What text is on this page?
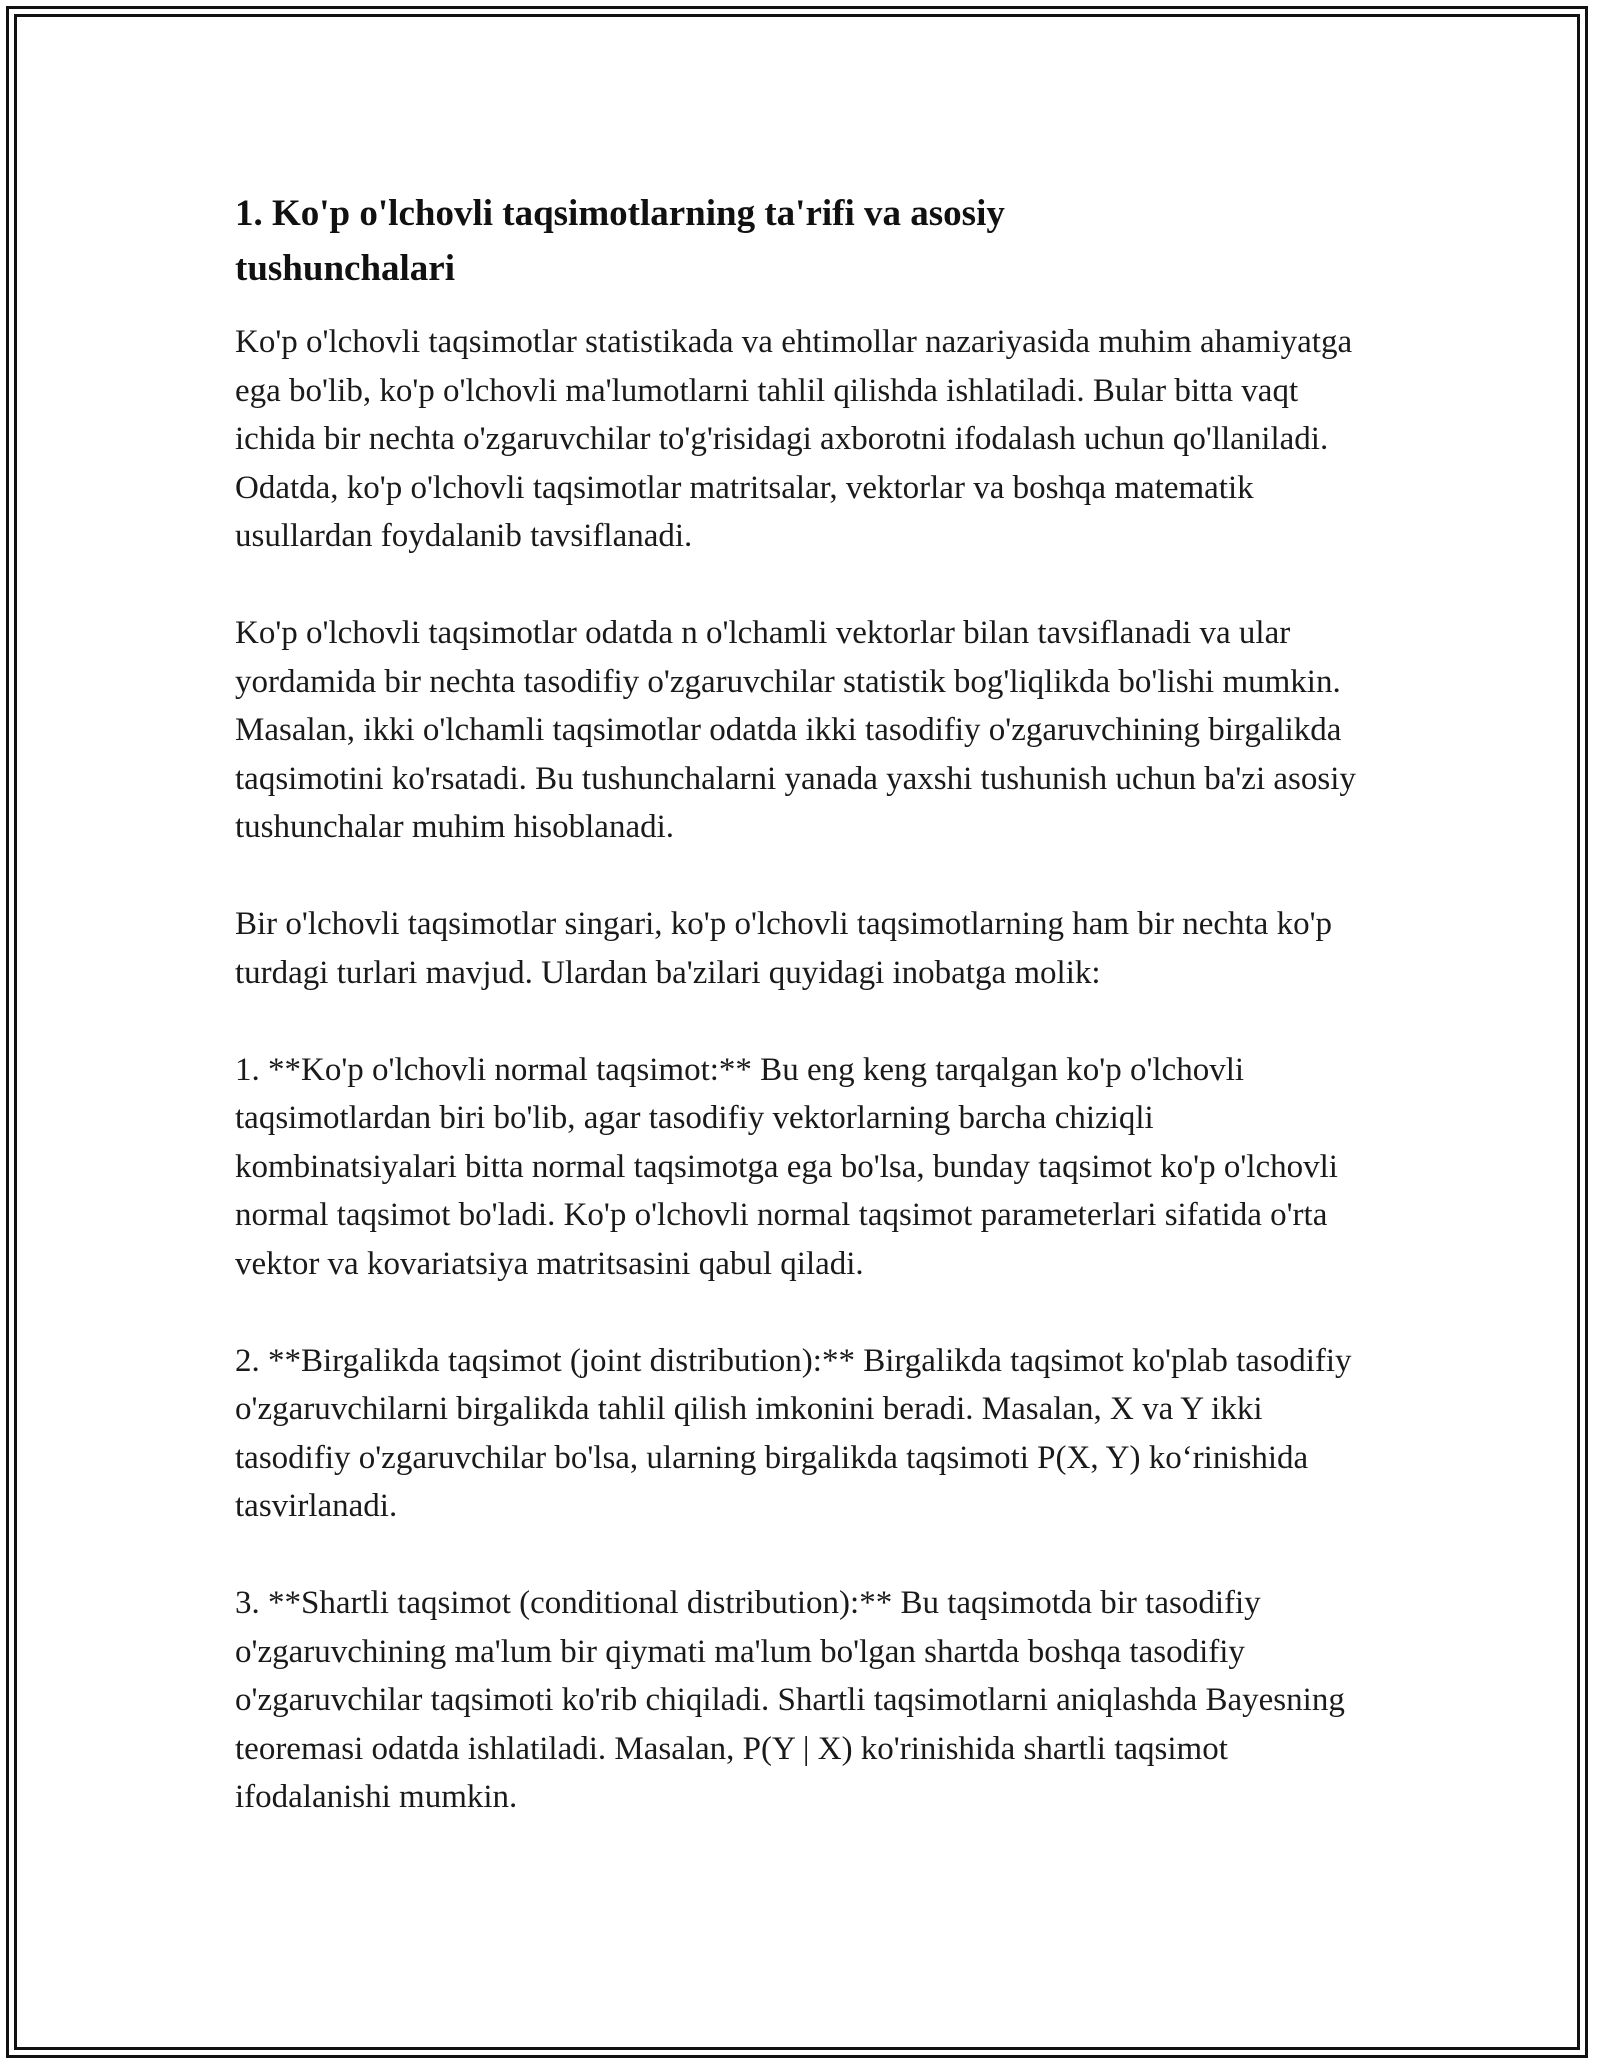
1. Ko'p o'lchovli taqsimotlarning ta'rifi va asosiy
tushunchalari

Ko'p o'lchovli taqsimotlar statistikada va ehtimollar nazariyasida muhim ahamiyatga ega bo'lib, ko'p o'lchovli ma'lumotlarni tahlil qilishda ishlatiladi. Bular bitta vaqt ichida bir nechta o'zgaruvchilar to'g'risidagi axborotni ifodalash uchun qo'llaniladi. Odatda, ko'p o'lchovli taqsimotlar matritsalar, vektorlar va boshqa matematik usullardan foydalanib tavsiflanadi.

Ko'p o'lchovli taqsimotlar odatda n o'lchamli vektorlar bilan tavsiflanadi va ular yordamida bir nechta tasodifiy o'zgaruvchilar statistik bog'liqlikda bo'lishi mumkin. Masalan, ikki o'lchamli taqsimotlar odatda ikki tasodifiy o'zgaruvchining birgalikda taqsimotini ko'rsatadi. Bu tushunchalarni yanada yaxshi tushunish uchun ba'zi asosiy tushunchalar muhim hisoblanadi.

Bir o'lchovli taqsimotlar singari, ko'p o'lchovli taqsimotlarning ham bir nechta ko'p turdagi turlari mavjud. Ulardan ba'zilari quyidagi inobatga molik:

1. **Ko'p o'lchovli normal taqsimot:** Bu eng keng tarqalgan ko'p o'lchovli taqsimotlardan biri bo'lib, agar tasodifiy vektorlarning barcha chiziqli kombinatsiyalari bitta normal taqsimotga ega bo'lsa, bunday taqsimot ko'p o'lchovli normal taqsimot bo'ladi. Ko'p o'lchovli normal taqsimot parameterlari sifatida o'rta vektor va kovariatsiya matritsasini qabul qiladi.

2. **Birgalikda taqsimot (joint distribution):** Birgalikda taqsimot ko'plab tasodifiy o'zgaruvchilarni birgalikda tahlil qilish imkonini beradi. Masalan, X va Y ikki tasodifiy o'zgaruvchilar bo'lsa, ularning birgalikda taqsimoti P(X, Y) ko‘rinishida tasvirlanadi.

3. **Shartli taqsimot (conditional distribution):** Bu taqsimotda bir tasodifiy o'zgaruvchining ma'lum bir qiymati ma'lum bo'lgan shartda boshqa tasodifiy o'zgaruvchilar taqsimoti ko'rib chiqiladi. Shartli taqsimotlarni aniqlashda Bayesning teoremasi odatda ishlatiladi. Masalan, P(Y | X) ko'rinishida shartli taqsimot ifodalanishi mumkin.
